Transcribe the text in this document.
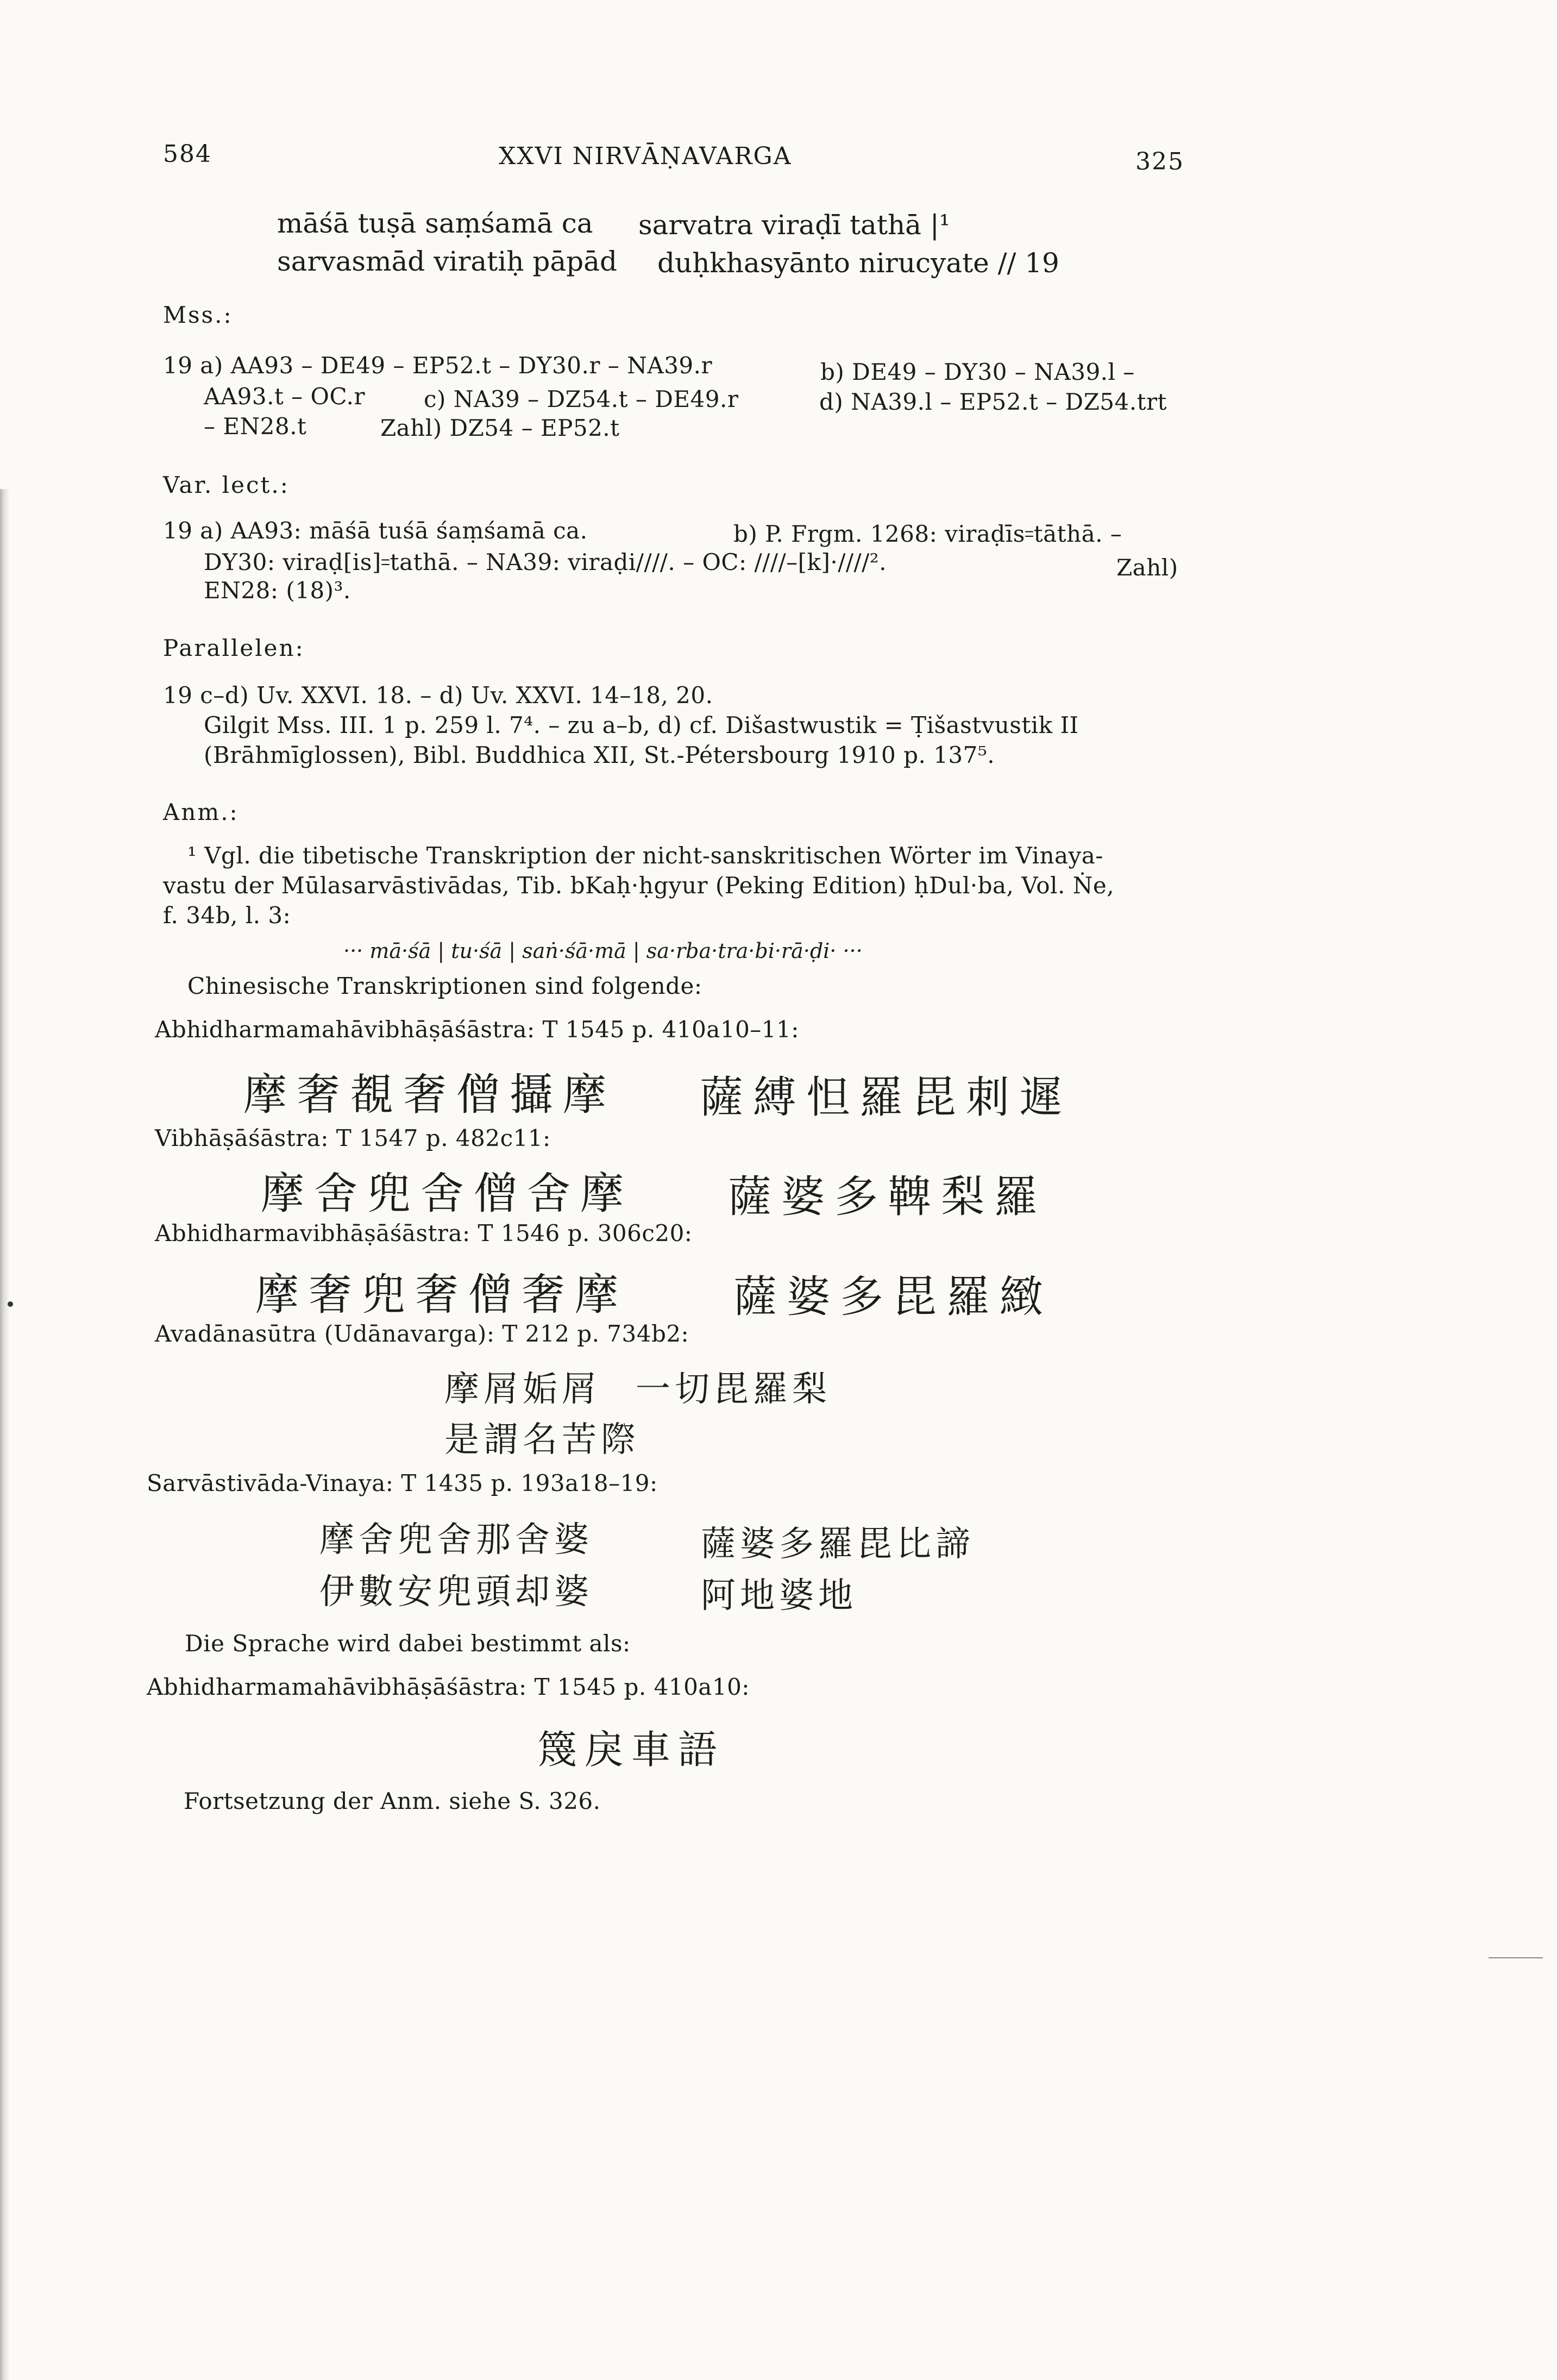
584	XXVI NIRVĀṆAVARGA	325
māśā tuṣā saṃśamā ca sarvatra viraḍī tathā |¹
sarvasmād viratiḥ pāpād duḥkhasyānto nirucyate // 19
Mss.:
19 a) AA93 – DE49 – EP52.t – DY30.r – NA39.r	b) DE49 – DY30 – NA39.l –
AA93.t – OC.r	c) NA39 – DZ54.t – DE49.r	d) NA39.l – EP52.t – DZ54.trt
– EN28.t	Zahl) DZ54 – EP52.t
Var. lect.:
19 a) AA93: māśā tuśā śaṃśamā ca.	b) P. Frgm. 1268: viraḍīs꞊tāthā. –
DY30: viraḍ[is]꞊tathā. – NA39: viraḍi////. – OC: ////–[k]·////².	Zahl)
EN28: (18)³.
Parallelen:
19 c–d) Uv. XXVI. 18. – d) Uv. XXVI. 14–18, 20.
Gilgit Mss. III. 1 p. 259 l. 7⁴. – zu a–b, d) cf. Dišastwustik = Ṭišastvustik II
(Brāhmīglossen), Bibl. Buddhica XII, St.-Pétersbourg 1910 p. 137⁵.
Anm.:
¹ Vgl. die tibetische Transkription der nicht-sanskritischen Wörter im Vinaya-
vastu der Mūlasarvāstivādas, Tib. bKaḥ·ḥgyur (Peking Edition) ḥDul·ba, Vol. Ṅe,
f. 34b, l. 3:
··· mā·śā | tu·śā | saṅ·śā·mā | sa·rba·tra·bi·rā·ḍi· ···
Chinesische Transkriptionen sind folgende:
Abhidharmamahāvibhāṣāśāstra: T 1545 p. 410a10–11:
摩奢覩奢僧攝摩 薩縛怛羅毘刺遲
Vibhāṣāśāstra: T 1547 p. 482c11:
摩舍兜舍僧舍摩 薩婆多鞞梨羅
Abhidharmavibhāṣāśāstra: T 1546 p. 306c20:
摩奢兜奢僧奢摩 薩婆多毘羅緻
Avadānasūtra (Udānavarga): T 212 p. 734b2:
摩屑姤屑 一切毘羅梨
是謂名苦際
Sarvāstivāda-Vinaya: T 1435 p. 193a18–19:
摩舍兜舍那舍婆	薩婆多羅毘比諦
伊數安兜頭却婆	阿地婆地
Die Sprache wird dabei bestimmt als:
Abhidharmamahāvibhāṣāśāstra: T 1545 p. 410a10:
篾戾車語
Fortsetzung der Anm. siehe S. 326.
